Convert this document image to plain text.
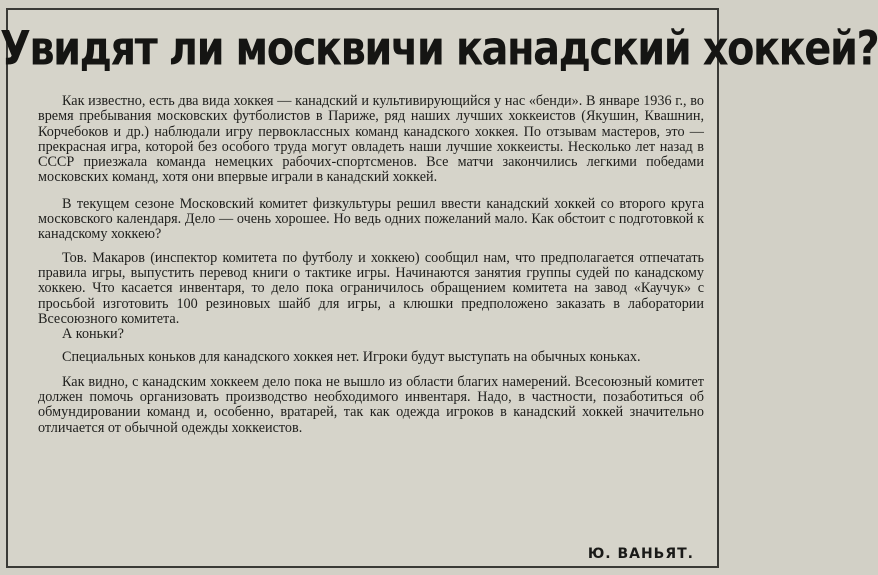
Увидят ли москвичи канадский хоккей?

Как известно, есть два вида хоккея — канадский и культивирующийся у нас «бенди». В январе 1936 г., во время пребывания московских футболистов в Париже, ряд наших лучших хоккеистов (Якушин, Квашнин, Корчебоков и др.) наблюдали игру первоклассных команд канадского хоккея. По отзывам мастеров, это — прекрасная игра, которой без особого труда могут овладеть наши лучшие хоккеисты. Несколько лет назад в СССР приезжала команда немецких рабочих-спортсменов. Все матчи закончились легкими победами московских команд, хотя они впервые играли в канадский хоккей.

В текущем сезоне Московский комитет физкультуры решил ввести канадский хоккей со второго круга московского календаря. Дело — очень хорошее. Но ведь одних пожеланий мало. Как обстоит с подготовкой к канадскому хоккею?

Тов. Макаров (инспектор комитета по футболу и хоккею) сообщил нам, что предполагается отпечатать правила игры, выпустить перевод книги о тактике игры. Начинаются занятия группы судей по канадскому хоккею. Что касается инвентаря, то дело пока ограничилось обращением комитета на завод «Каучук» с просьбой изготовить 100 резиновых шайб для игры, а клюшки предположено заказать в лаборатории Всесоюзного комитета.

А коньки?

Специальных коньков для канадского хоккея нет. Игроки будут выступать на обычных коньках.

Как видно, с канадским хоккеем дело пока не вышло из области благих намерений. Всесоюзный комитет должен помочь организовать производство необходимого инвентаря. Надо, в частности, позаботиться об обмундировании команд и, особенно, вратарей, так как одежда игроков в канадский хоккей значительно отличается от обычной одежды хоккеистов.

Ю. ВАНЬЯТ.
